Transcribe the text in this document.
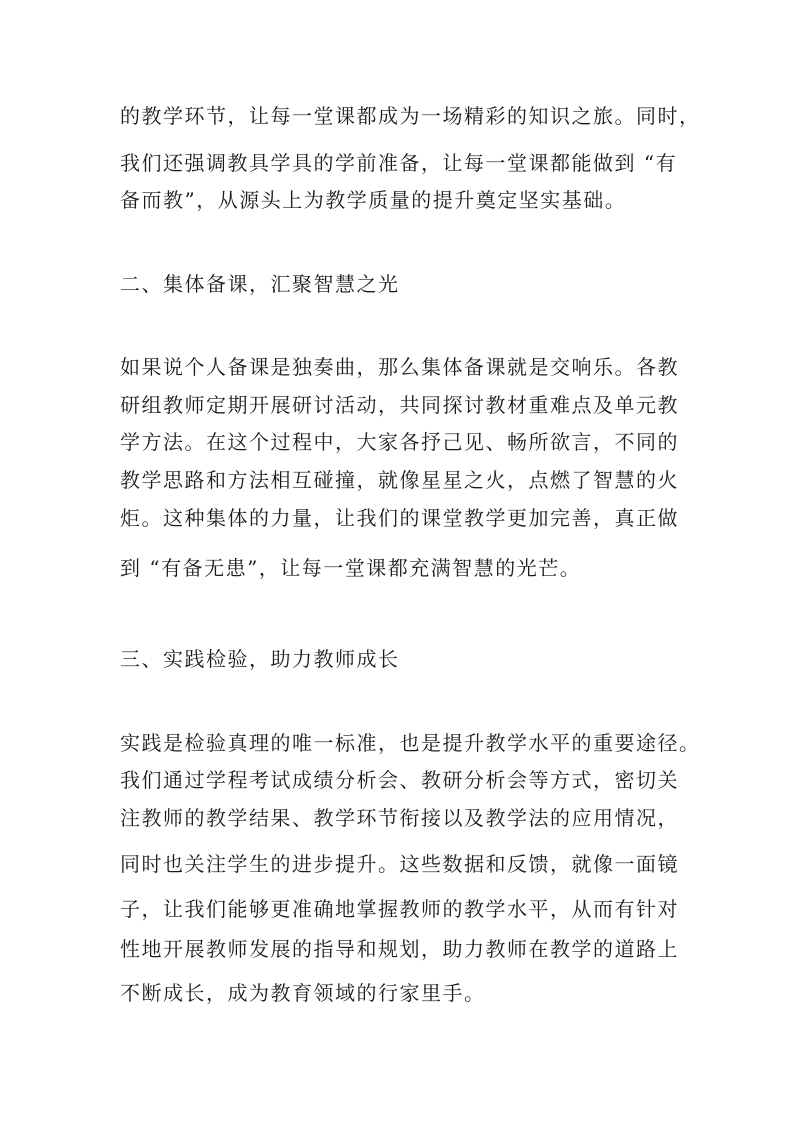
的教学环节，让每一堂课都成为一场精彩的知识之旅。同时，
我们还强调教具学具的学前准备，让每一堂课都能做到 “有
备而教”，从源头上为教学质量的提升奠定坚实基础。
二、集体备课，汇聚智慧之光
如果说个人备课是独奏曲，那么集体备课就是交响乐。各教
研组教师定期开展研讨活动，共同探讨教材重难点及单元教
学方法。在这个过程中，大家各抒己见、畅所欲言，不同的
教学思路和方法相互碰撞，就像星星之火，点燃了智慧的火
炬。这种集体的力量，让我们的课堂教学更加完善，真正做
到 “有备无患”，让每一堂课都充满智慧的光芒。
三、实践检验，助力教师成长
实践是检验真理的唯一标准，也是提升教学水平的重要途径。
我们通过学程考试成绩分析会、教研分析会等方式，密切关
注教师的教学结果、教学环节衔接以及教学法的应用情况，
同时也关注学生的进步提升。这些数据和反馈，就像一面镜
子，让我们能够更准确地掌握教师的教学水平，从而有针对
性地开展教师发展的指导和规划，助力教师在教学的道路上
不断成长，成为教育领域的行家里手。
